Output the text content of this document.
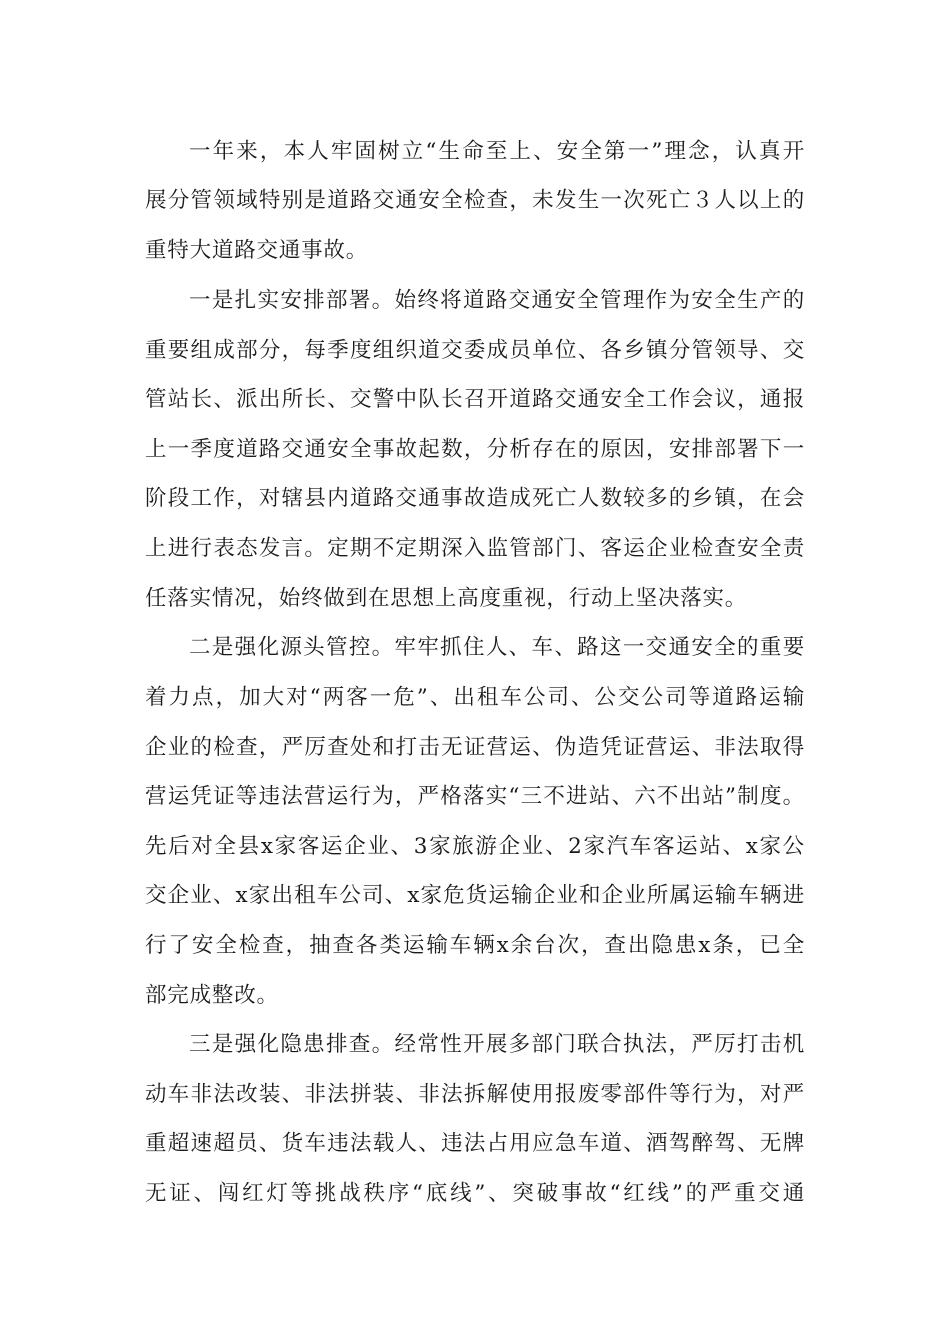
一年来，本人牢固树立“生命至上、安全第一”理念，认真开
展分管领域特别是道路交通安全检查，未发生一次死亡３人以上的
重特大道路交通事故。
一是扎实安排部署。始终将道路交通安全管理作为安全生产的
重要组成部分，每季度组织道交委成员单位、各乡镇分管领导、交
管站长、派出所长、交警中队长召开道路交通安全工作会议，通报
上一季度道路交通安全事故起数，分析存在的原因，安排部署下一
阶段工作，对辖县内道路交通事故造成死亡人数较多的乡镇，在会
上进行表态发言。定期不定期深入监管部门、客运企业检查安全责
任落实情况，始终做到在思想上高度重视，行动上坚决落实。
二是强化源头管控。牢牢抓住人、车、路这一交通安全的重要
着力点，加大对“两客一危”、出租车公司、公交公司等道路运输
企业的检查，严厉查处和打击无证营运、伪造凭证营运、非法取得
营运凭证等违法营运行为，严格落实“三不进站、六不出站”制度。
先后对全县x家客运企业、3家旅游企业、2家汽车客运站、x家公
交企业、x家出租车公司、x家危货运输企业和企业所属运输车辆进
行了安全检查，抽查各类运输车辆x余台次，查出隐患x条，已全
部完成整改。
三是强化隐患排查。经常性开展多部门联合执法，严厉打击机
动车非法改装、非法拼装、非法拆解使用报废零部件等行为，对严
重超速超员、货车违法载人、违法占用应急车道、酒驾醉驾、无牌
无证、闯红灯等挑战秩序“底线”、突破事故“红线”的严重交通
